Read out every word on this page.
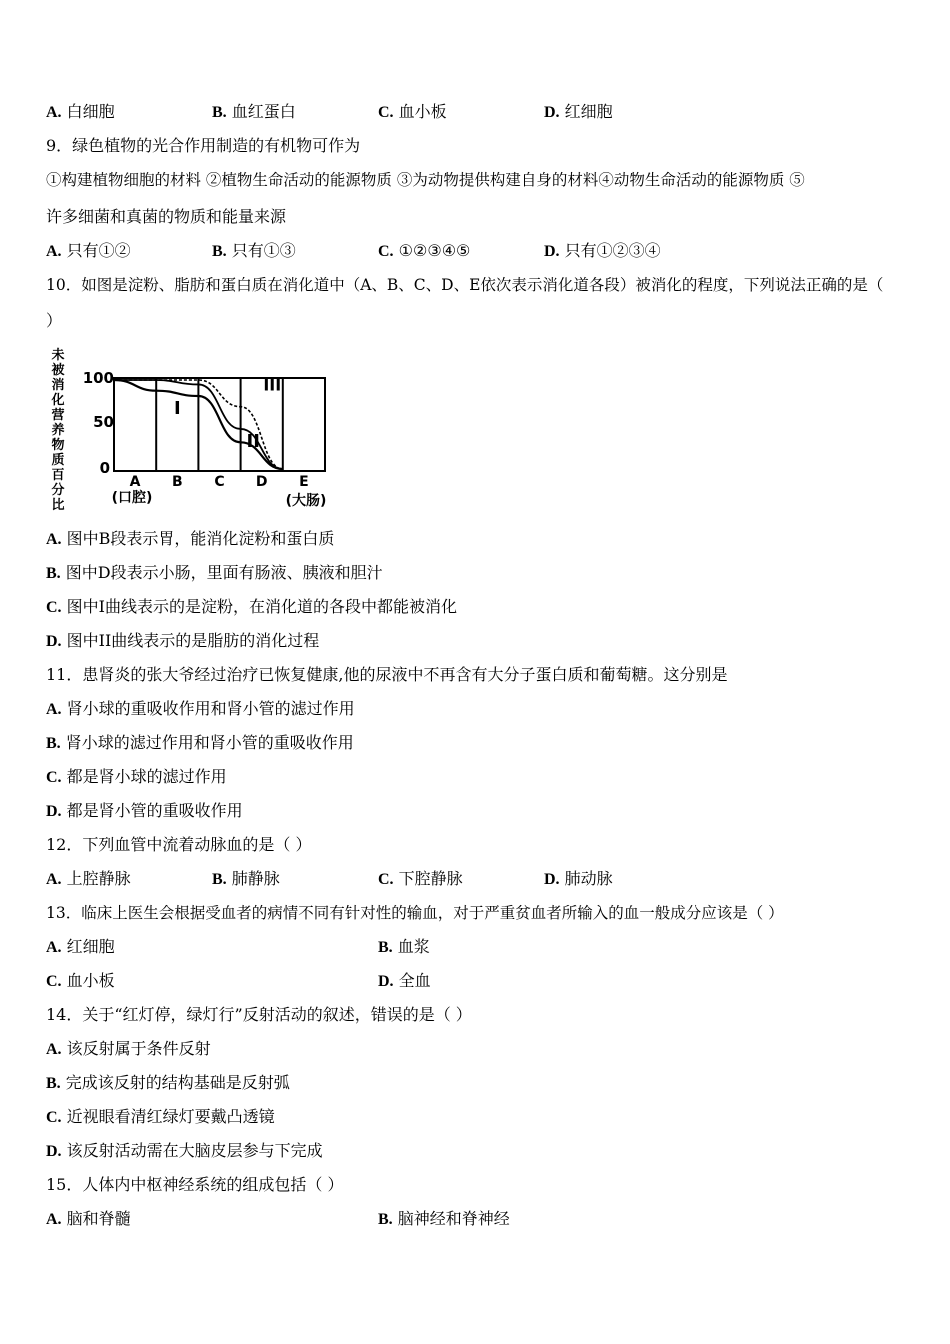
A. 白细胞	B. 血红蛋白	C. 血小板	D. 红细胞
9．绿色植物的光合作用制造的有机物可作为
①构建植物细胞的材料 ②植物生命活动的能源物质 ③为动物提供构建自身的材料④动物生命活动的能源物质 ⑤
许多细菌和真菌的物质和能量来源
A. 只有①②	B. 只有①③	C. ①②③④⑤	D. 只有①②③④
10．如图是淀粉、脂肪和蛋白质在消化道中（A、B、C、D、E依次表示消化道各段）被消化的程度，下列说法正确的是（
）
未
被
消
化
营
养
物
质
百
分
比
100
50
0
I
II
III
A B C D E
(口腔)	(大肠)
A. 图中B段表示胃，能消化淀粉和蛋白质
B. 图中D段表示小肠，里面有肠液、胰液和胆汁
C. 图中I曲线表示的是淀粉，在消化道的各段中都能被消化
D. 图中II曲线表示的是脂肪的消化过程
11．患肾炎的张大爷经过治疗已恢复健康,他的尿液中不再含有大分子蛋白质和葡萄糖。这分别是
A. 肾小球的重吸收作用和肾小管的滤过作用
B. 肾小球的滤过作用和肾小管的重吸收作用
C. 都是肾小球的滤过作用
D. 都是肾小管的重吸收作用
12．下列血管中流着动脉血的是（ ）
A. 上腔静脉	B. 肺静脉	C. 下腔静脉	D. 肺动脉
13．临床上医生会根据受血者的病情不同有针对性的输血，对于严重贫血者所输入的血一般成分应该是（ ）
A. 红细胞	B. 血浆
C. 血小板	D. 全血
14．关于“红灯停，绿灯行”反射活动的叙述，错误的是（ ）
A. 该反射属于条件反射
B. 完成该反射的结构基础是反射弧
C. 近视眼看清红绿灯要戴凸透镜
D. 该反射活动需在大脑皮层参与下完成
15．人体内中枢神经系统的组成包括（ ）
A. 脑和脊髓	B. 脑神经和脊神经
